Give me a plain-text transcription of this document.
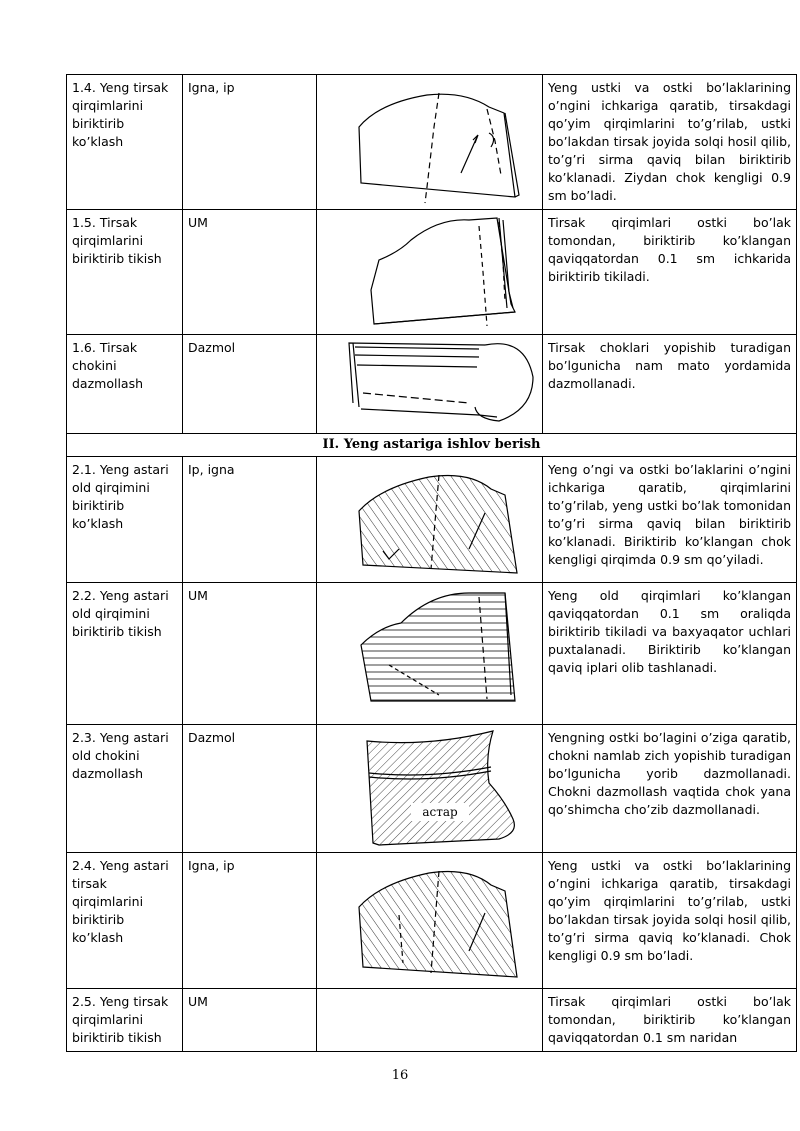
1.4. Yeng tirsak qirqimlarini biriktirib ko’klash	Igna, ip		Yeng ustki va ostki bo’laklarining o’ngini ichkariga qaratib, tirsakdagi qo’yim qirqimlarini to’g’rilab, ustki bo’lakdan tirsak joyida solqi hosil qilib, to’g’ri sirma qaviq bilan biriktirib ko’klanadi. Ziydan chok kengligi 0.9 sm bo’ladi.
1.5. Tirsak qirqimlarini biriktirib tikish	UM		Tirsak qirqimlari ostki bo’lak tomondan, biriktirib ko’klangan qaviqqatordan 0.1 sm ichkarida biriktirib tikiladi.
1.6. Tirsak chokini dazmollash	Dazmol		Tirsak choklari yopishib turadigan bo’lgunicha nam mato yordamida dazmollanadi.
II. Yeng astariga ishlov berish			
2.1. Yeng astari old qirqimini biriktirib ko’klash	Ip, igna		Yeng o’ngi va ostki bo’laklarini o’ngini ichkariga qaratib, qirqimlarini to’g’rilab, yeng ustki bo’lak tomonidan to’g’ri sirma qaviq bilan biriktirib ko’klanadi. Biriktirib ko’klangan chok kengligi qirqimda 0.9 sm qo’yiladi.
2.2. Yeng astari old qirqimini biriktirib tikish	UM		Yeng old qirqimlari ko’klangan qaviqqatordan 0.1 sm oraliqda biriktirib tikiladi va baxyaqator uchlari puxtalanadi. Biriktirib ko’klangan qaviq iplari olib tashlanadi.
2.3. Yeng astari old chokini dazmollash	Dazmol	астар	Yengning ostki bo’lagini o’ziga qaratib, chokni namlab zich yopishib turadigan bo’lgunicha yorib dazmollanadi. Chokni dazmollash vaqtida chok yana qo’shimcha cho’zib dazmollanadi.
2.4. Yeng astari tirsak qirqimlarini biriktirib ko’klash	Igna, ip		Yeng ustki va ostki bo’laklarining o’ngini ichkariga qaratib, tirsakdagi qo’yim qirqimlarini to’g’rilab, ustki bo’lakdan tirsak joyida solqi hosil qilib, to’g’ri sirma qaviq ko’klanadi. Chok kengligi 0.9 sm bo’ladi.
2.5. Yeng tirsak qirqimlarini biriktirib tikish	UM		Tirsak qirqimlari ostki bo’lak tomondan, biriktirib ko’klangan qaviqqatordan 0.1 sm naridan
16
